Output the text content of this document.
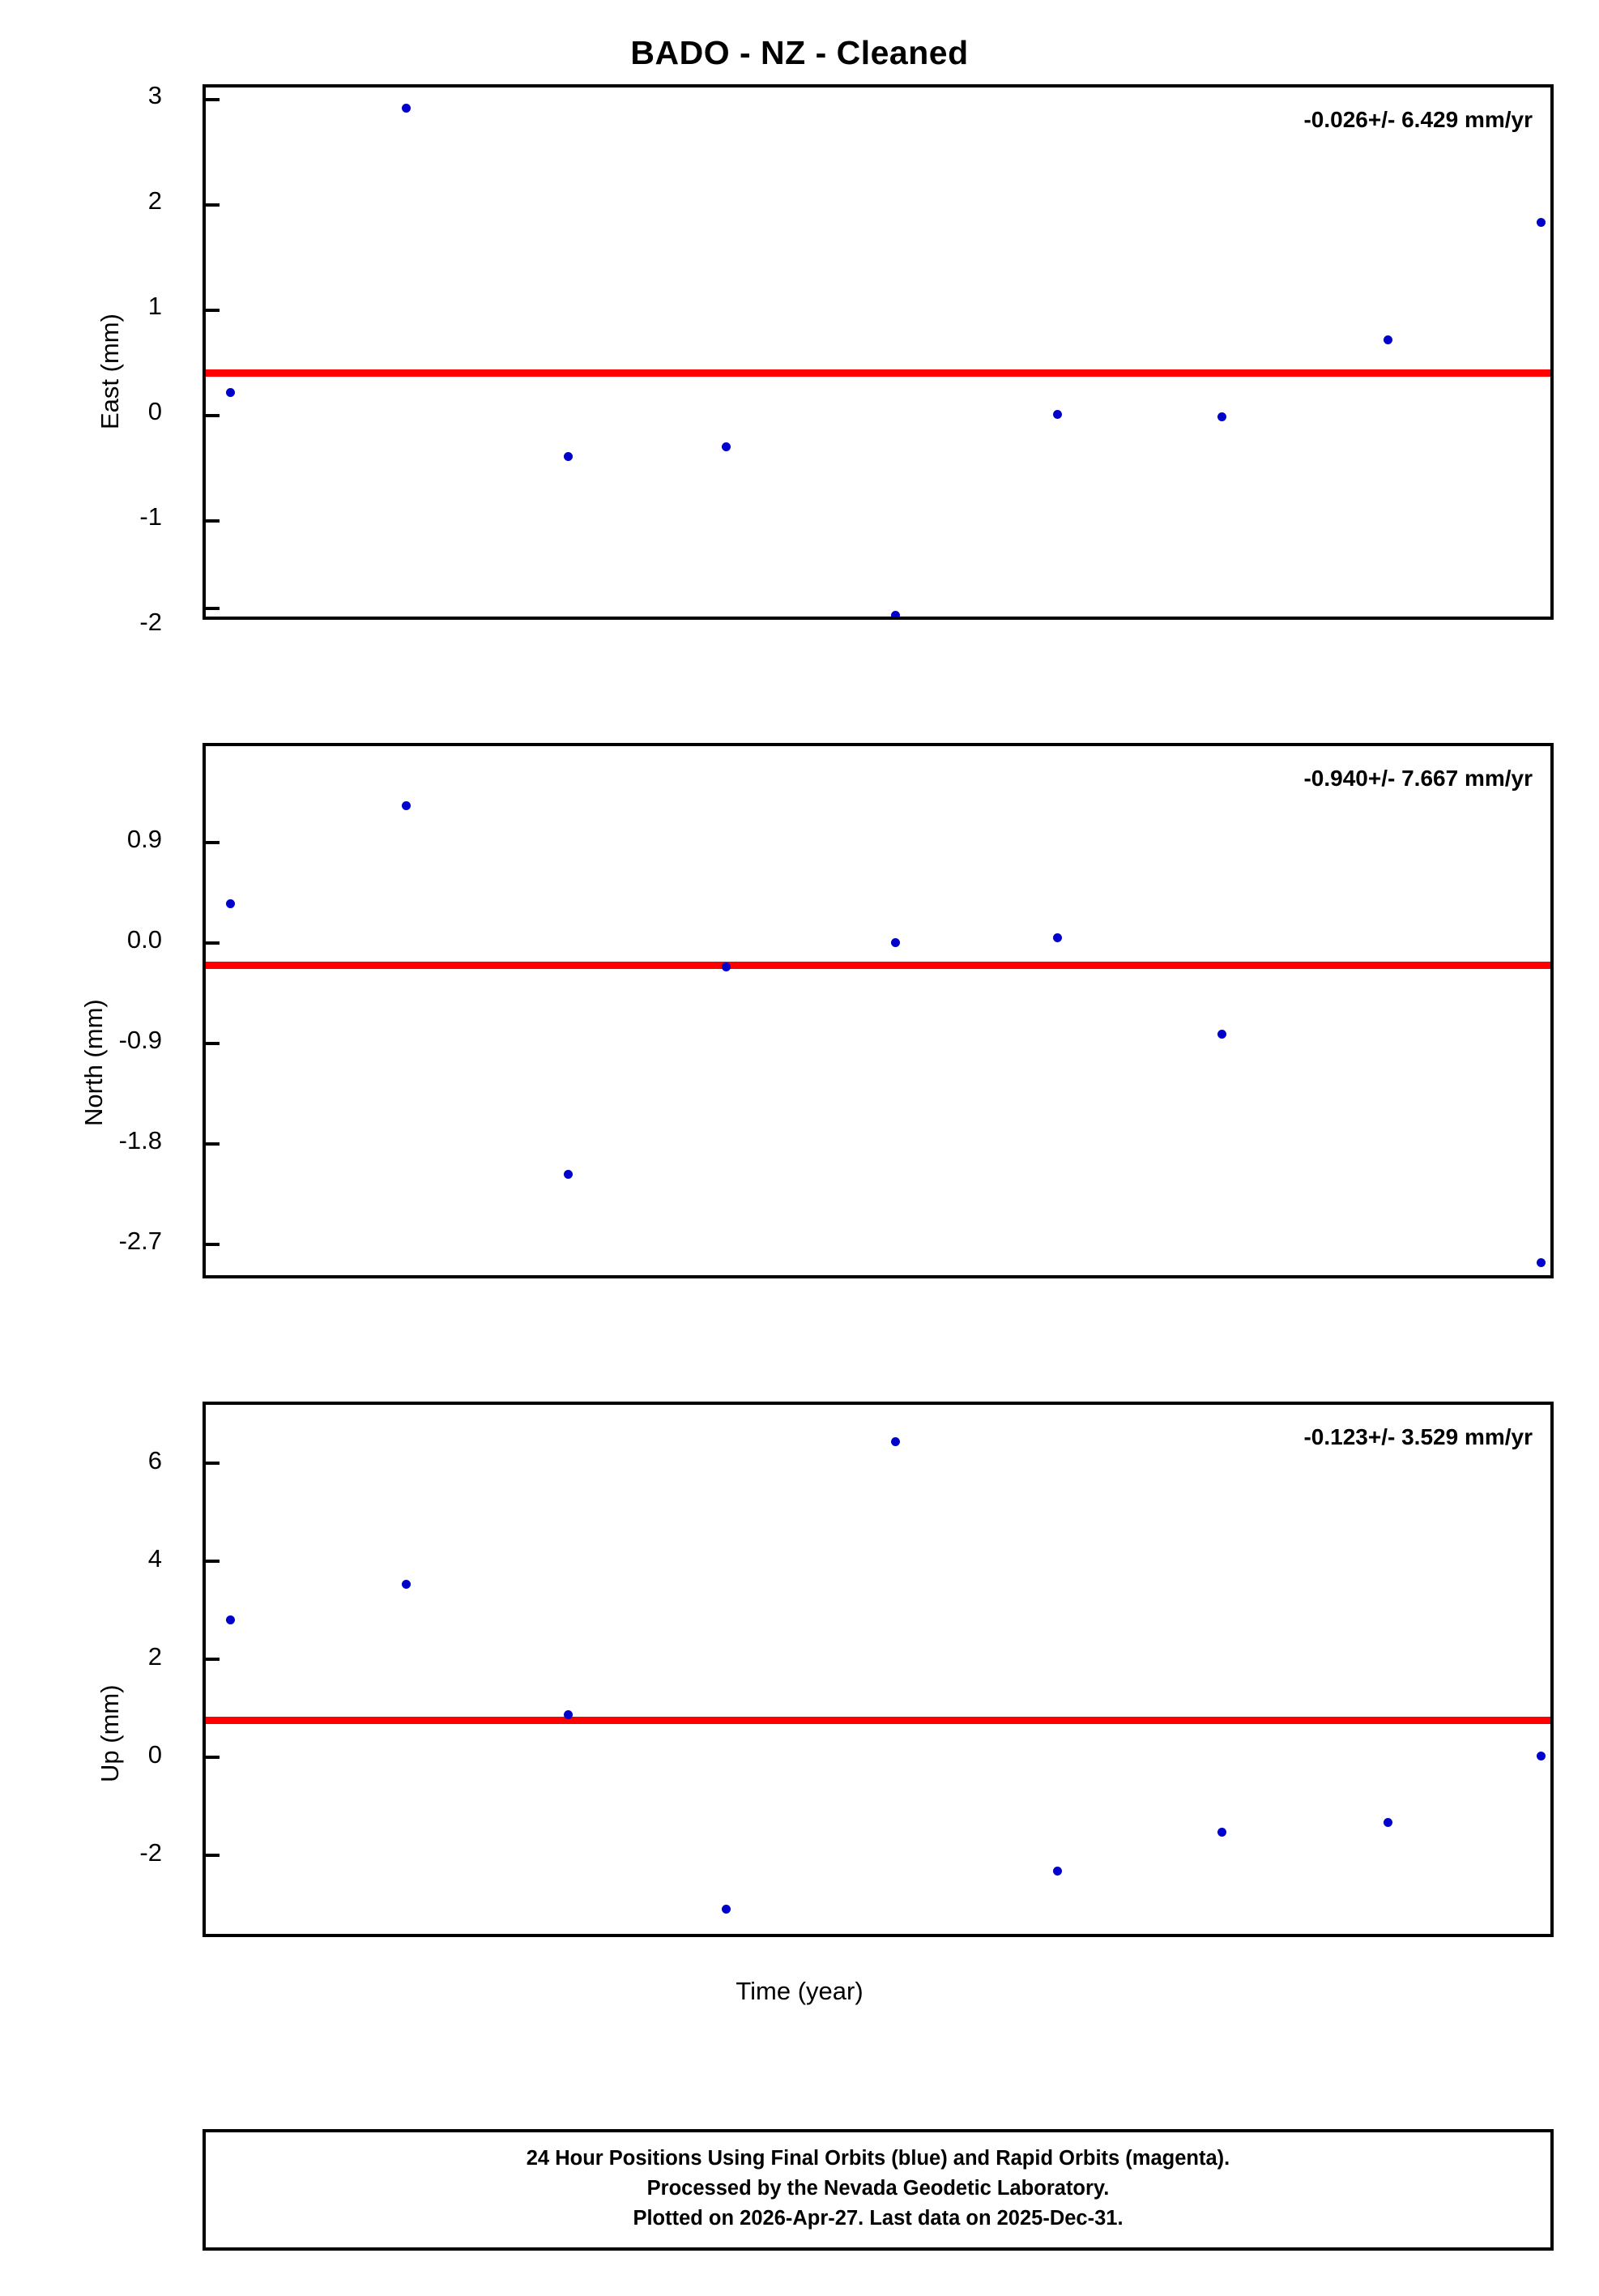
BADO - NZ - Cleaned
East (mm)
3
2
1
0
-1
-2
-0.026+/- 6.429 mm/yr
North (mm)
0.9
0.0
-0.9
-1.8
-2.7
-0.940+/- 7.667 mm/yr
Up (mm)
6
4
2
0
-2
-0.123+/- 3.529 mm/yr
Time (year)
24 Hour Positions Using Final Orbits (blue) and Rapid Orbits (magenta).
Processed by the Nevada Geodetic Laboratory.
Plotted on 2026-Apr-27. Last data on 2025-Dec-31.
